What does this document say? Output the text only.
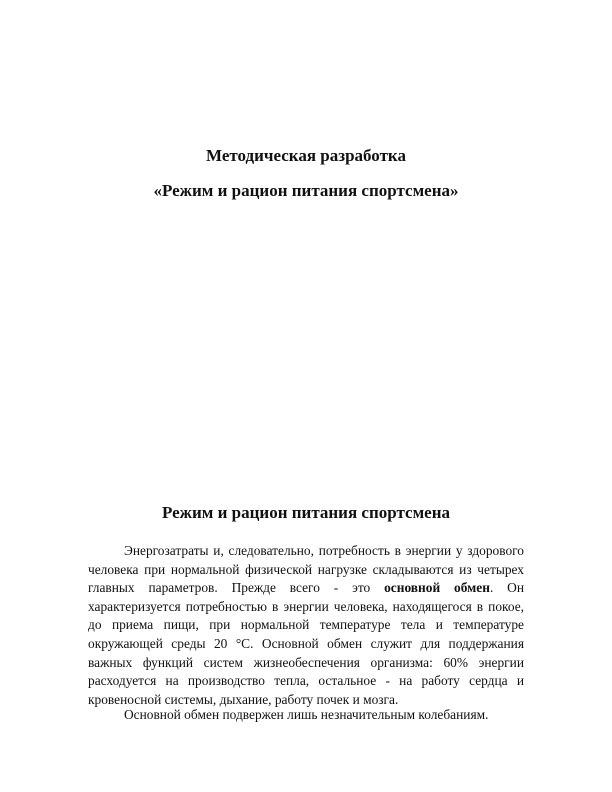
Методическая разработка
«Режим и рацион питания спортсмена»
Режим и рацион питания спортсмена

Энергозатраты и, следовательно, потребность в энергии у здорового человека при нормальной физической нагрузке складываются из четырех главных параметров. Прежде всего - это основной обмен. Он характеризуется потребностью в энергии человека, находящегося в покое, до приема пищи, при нормальной температуре тела и температуре окружающей среды 20 °C. Основной обмен служит для поддержания важных функций систем жизнеобеспечения организма: 60% энергии расходуется на производство тепла, остальное - на работу сердца и кровеносной системы, дыхание, работу почек и мозга.

Основной обмен подвержен лишь незначительным колебаниям.
